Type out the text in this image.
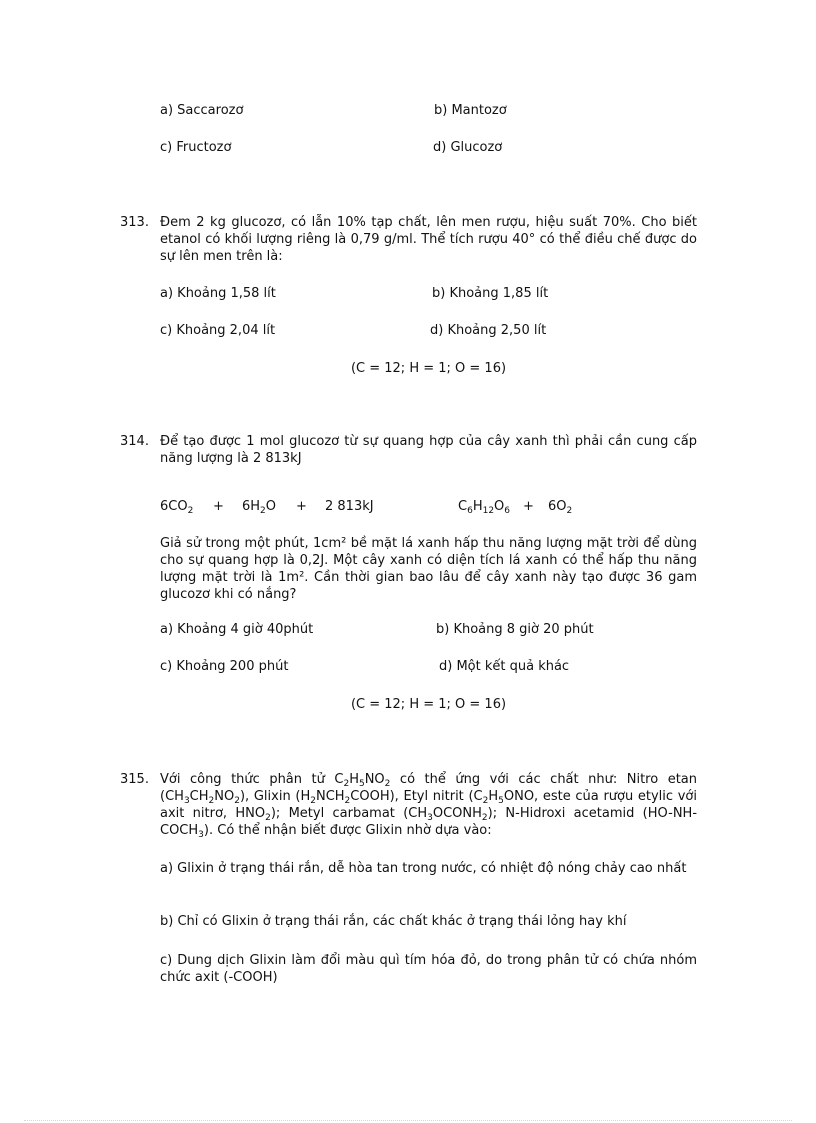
a) Saccarozơ	b) Mantozơ
c) Fructozơ	d) Glucozơ
313. Đem 2 kg glucozơ, có lẫn 10% tạp chất, lên men rượu, hiệu suất 70%. Cho biết etanol có khối lượng riêng là 0,79 g/ml. Thể tích rượu 40° có thể điều chế được do sự lên men trên là:
a) Khoảng 1,58 lít	b) Khoảng 1,85 lít
c) Khoảng 2,04 lít	d) Khoảng 2,50 lít
(C = 12; H = 1; O = 16)
314. Để tạo được 1 mol glucozơ từ sự quang hợp của cây xanh thì phải cần cung cấp năng lượng là 2 813kJ
$6CO_2 + 6H_2O + 2$ 813kJ	$C_6H_{12}O_6 + 6O_2$
Giả sử trong một phút, 1cm² bề mặt lá xanh hấp thu năng lượng mặt trời để dùng cho sự quang hợp là 0,2J. Một cây xanh có diện tích lá xanh có thể hấp thu năng lượng mặt trời là 1m². Cần thời gian bao lâu để cây xanh này tạo được 36 gam glucozơ khi có nắng?
a) Khoảng 4 giờ 40phút	b) Khoảng 8 giờ 20 phút
c) Khoảng 200 phút	d) Một kết quả khác
(C = 12; H = 1; O = 16)
315. Với công thức phân tử $C_2H_5NO_2$ có thể ứng với các chất như: Nitro etan $(CH_3CH_2NO_2)$, Glixin $(H_2NCH_2COOH)$, Etyl nitrit ($C_2H_5ONO$, este của rượu etylic với axit nitrơ, $HNO_2$); Metyl carbamat $(CH_3OCONH_2)$; N-Hidroxi acetamid $(HO-NH-COCH_3)$. Có thể nhận biết được Glixin nhờ dựa vào:
a) Glixin ở trạng thái rắn, dễ hòa tan trong nước, có nhiệt độ nóng chảy cao nhất
b) Chỉ có Glixin ở trạng thái rắn, các chất khác ở trạng thái lỏng hay khí
c) Dung dịch Glixin làm đổi màu quì tím hóa đỏ, do trong phân tử có chứa nhóm chức axit (-COOH)
